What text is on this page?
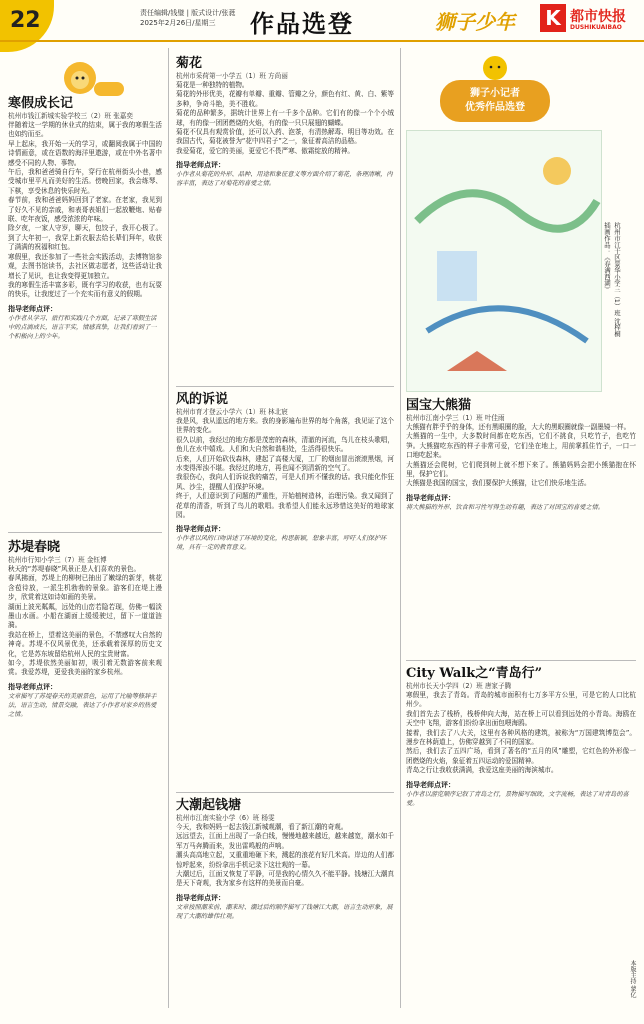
22	责任编辑/钱璧 | 版式设计/张蕤
2025年2月26日/星期三 作品选登	狮子少年 K 都市快报
DUSHIKUAIBAO
寒假成长记
杭州市钱江新城实验学校三（2）班 张嘉奕

伴随着这一学期的休业式的结束，属于我的寒假生活也如约而至。

早上起床，我开始一天的学习，或翻阅我属于中国的诗情画意，或在语数的海洋里遨游，或在中外名著中感受不同的人物、事物。

午后，我和爸爸骑自行车，穿行在杭州街头小巷，感受城市里平凡而美好的生活。傍晚回家，我会练琴、下棋，享受休息的快乐时光。

春节前，我和爸爸妈妈回到了老家。在老家，我见到了好久不见的亲戚，和表哥表姐们一起放鞭炮、贴春联、吃年夜饭，感受浓浓的年味。

除夕夜，一家人守岁，聊天，包饺子，我开心极了。到了大年初一，我穿上新衣服去给长辈们拜年，收获了满满的祝福和红包。

寒假里，我还参加了一些社会实践活动，去博物馆参观，去图书馆读书，去社区做志愿者，这些活动让我增长了见识，也让我变得更加独立。

我的寒假生活丰富多彩，既有学习的收获，也有玩耍的快乐，让我度过了一个充实而有意义的假期。

指导老师点评：

小作者从学习、旅行和实践几个方面，记录了寒假生活中的点滴成长，语言平实，情感真挚，让我们看到了一个积极向上的少年。

苏堤春晓
杭州市行知小学三（7）班 金钰博

秋天的“苏堤春晓”风景正是人们喜欢的景色。

春风拂面，苏堤上的柳树已抽出了嫩绿的新芽，桃花含苞待放，一派生机勃勃的景象。游客们在堤上漫步，欣赏着这如诗如画的美景。

湖面上波光粼粼，远处的山峦若隐若现，仿佛一幅淡墨山水画。小船在湖面上缓缓驶过，留下一道道涟漪。

我站在桥上，望着这美丽的景色，不禁感叹大自然的神奇。苏堤不仅风景优美，还承载着深厚的历史文化，它是苏东坡留给杭州人民的宝贵财富。

如今，苏堤依然美丽如初，吸引着无数游客前来观赏。我爱苏堤，更爱我美丽的家乡杭州。

指导老师点评：

文章描写了苏堤春天的美丽景色，运用了比喻等修辞手法，语言生动，情景交融，表达了小作者对家乡的热爱之情。

菊花
杭州市采荷第一小学五（1）班 方尚丽

菊花是一种独特的植物。

菊花的外形优美，花瓣有单瓣、重瓣、管瓣之分，颜色有红、黄、白、紫等多种，争奇斗艳，美不胜收。

菊花的品种繁多，据统计世界上有一千多个品种。它们有的像一个个小绒球，有的像一团团燃烧的火焰，有的像一只只展翅的蝴蝶。

菊花不仅具有观赏价值，还可以入药、泡茶，有清热解毒、明目等功效。在我国古代，菊花被誉为“花中四君子”之一，象征着高洁的品格。

我爱菊花，爱它的美丽，更爱它不畏严寒、傲霜绽放的精神。

指导老师点评：

小作者从菊花的外形、品种、用途和象征意义等方面介绍了菊花，条理清晰，内容丰富，表达了对菊花的喜爱之情。

风的诉说
杭州市育才登云小学六（1）班 林北宸

我是风，我从遥远的地方来。我的身影遍布世界的每个角落，我见证了这个世界的变化。

很久以前，我经过的地方都是茂密的森林，清澈的河流，鸟儿在枝头歌唱，鱼儿在水中嬉戏。人们和大自然和谐相处，生活得很快乐。

后来，人们开始砍伐森林，建起了高楼大厦，工厂的烟囱冒出滚滚黑烟，河水变得浑浊不堪。我经过的地方，再也闻不到清新的空气了。

我很伤心，我向人们诉说我的痛苦，可是人们听不懂我的话。我只能化作狂风、沙尘，提醒人们保护环境。

终于，人们意识到了问题的严重性，开始植树造林，治理污染。我又闻到了花草的清香，听到了鸟儿的歌唱。我希望人们能永远珍惜这美好的地球家园。

指导老师点评：

小作者以风的口吻讲述了环境的变化，构思新颖，想象丰富，呼吁人们保护环境，具有一定的教育意义。

大潮起钱塘
杭州市江南实验小学（6）班 杨雯

今天，我和妈妈一起去钱江新城观潮，看了新江潮的奇观。

远远望去，江面上出现了一条白线，慢慢地越来越近，越来越宽，潮水如千军万马奔腾而来，发出雷鸣般的声响。

潮头高高地立起，又重重地砸下来，溅起的浪花有好几米高。岸边的人们都惊呼起来，纷纷拿出手机记录下这壮观的一幕。

大潮过后，江面又恢复了平静，可是我的心情久久不能平静。钱塘江大潮真是天下奇观，我为家乡有这样的美景而自豪。

指导老师点评：

文章按照潮来前、潮来时、潮过后的顺序描写了钱塘江大潮，语言生动形象，展现了大潮的雄伟壮观。

狮子小记者
优秀作品选登
插画作品：《春满西湖》 杭州市江干区景华小学三（1）班 沈梓桐
国宝大熊猫
杭州市江南小学三（1）班 叶佳雨

大熊猫有胖乎乎的身体，还有黑眼圈的脸，大大的黑眼圈就像一副墨镜一样。

大熊猫的一生中，大多数时间都在吃东西，它们不挑食，只吃竹子，也吃竹笋。大熊猫吃东西的样子非常可爱，它们坐在地上，用前掌抓住竹子，一口一口地吃起来。

大熊猫还会爬树，它们爬到树上就不想下来了。熊猫妈妈会把小熊猫抱在怀里，保护它们。

大熊猫是我国的国宝，我们要保护大熊猫，让它们快乐地生活。

指导老师点评：

将大熊猫的外形、饮食和习性写得生动有趣，表达了对国宝的喜爱之情。

City Walk之“青岛行”
杭州市长天小学四（2）班 唐家子腾

寒假里，我去了青岛。青岛的城市面积有七万多平方公里，可是它的人口比杭州少。

我们首先去了栈桥，栈桥伸向大海，站在桥上可以看到远处的小青岛。海鸥在天空中飞翔，游客们纷纷拿出面包喂海鸥。

接着，我们去了八大关，这里有各种风格的建筑，被称为“万国建筑博览会”。漫步在林荫道上，仿佛穿越到了不同的国家。

然后，我们去了五四广场，看到了著名的“五月的风”雕塑，它红色的外形像一团燃烧的火焰，象征着五四运动的爱国精神。

青岛之行让我收获满满，我爱这座美丽的海滨城市。

指导老师点评：

小作者以游览顺序记叙了青岛之行，景物描写细致，文字流畅，表达了对青岛的喜爱。

本版主持 蒙亿
